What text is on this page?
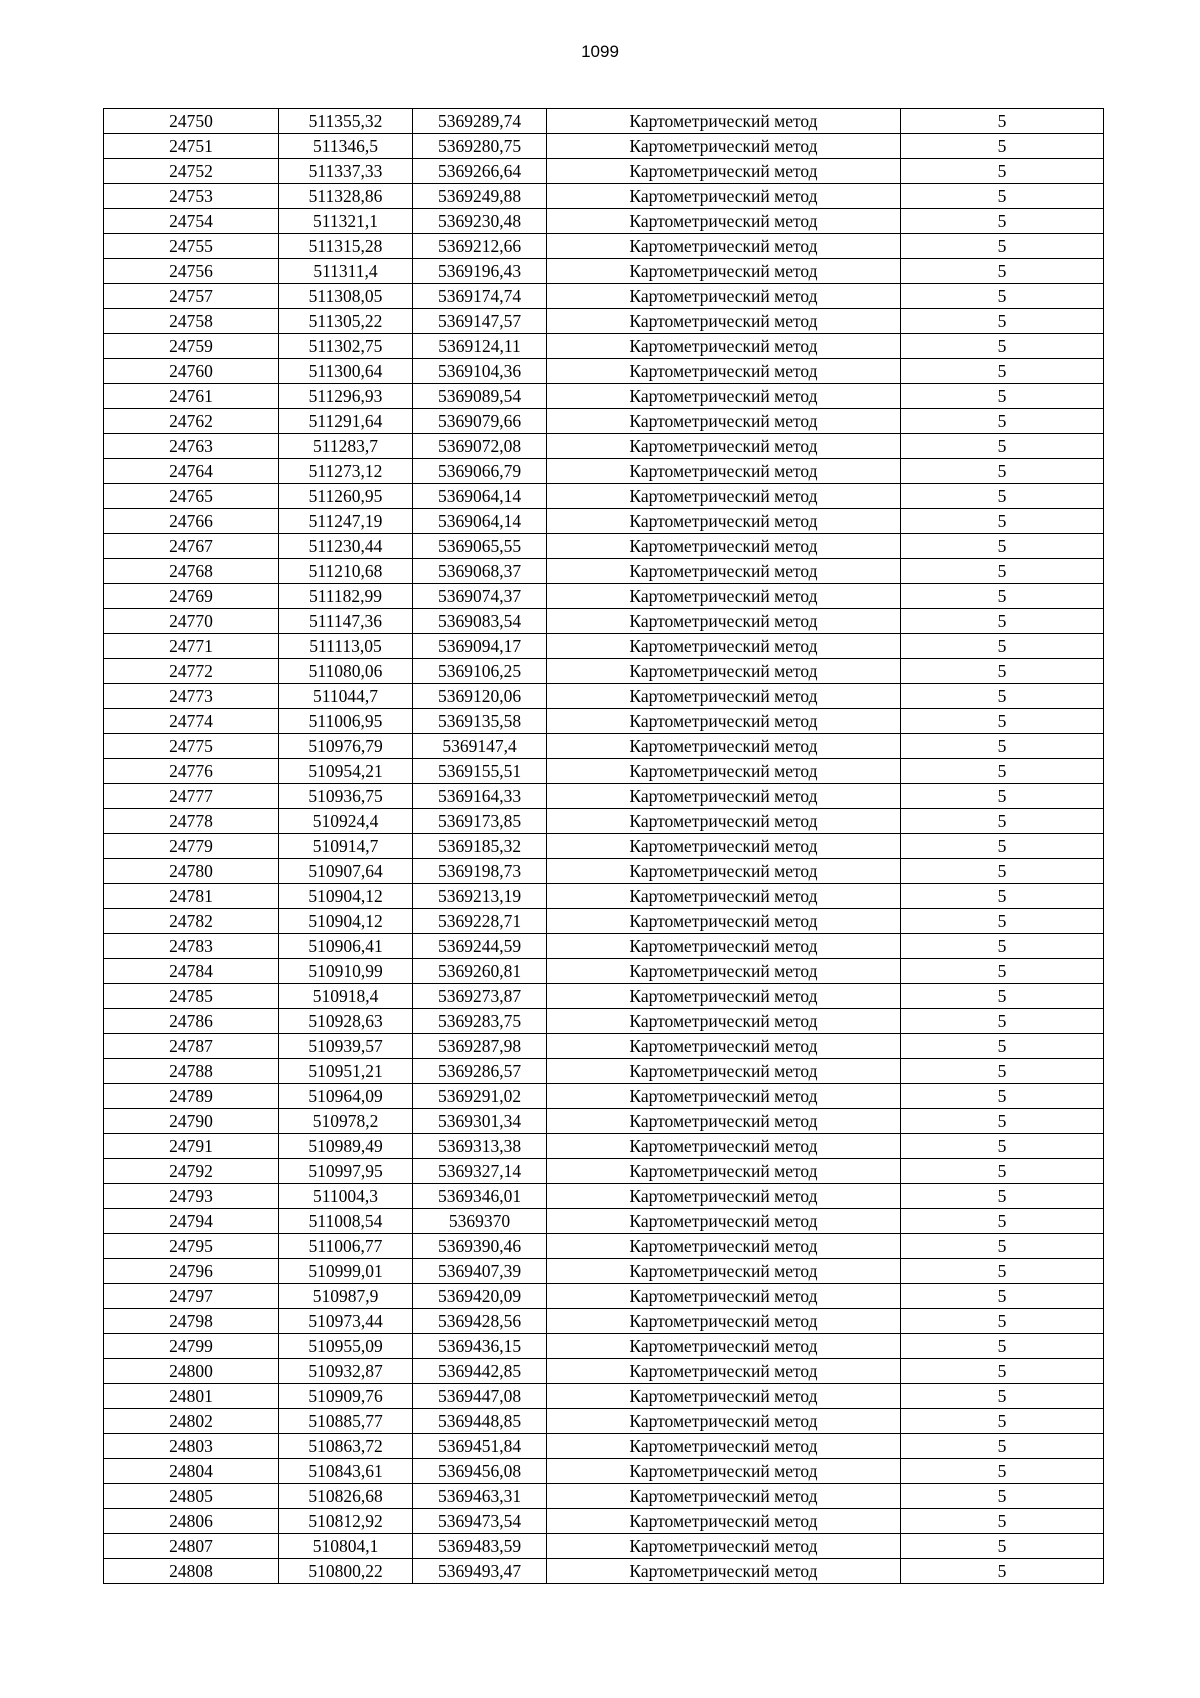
1099
24750	511355,32	5369289,74	Картометрический метод	5
24751	511346,5	5369280,75	Картометрический метод	5
24752	511337,33	5369266,64	Картометрический метод	5
24753	511328,86	5369249,88	Картометрический метод	5
24754	511321,1	5369230,48	Картометрический метод	5
24755	511315,28	5369212,66	Картометрический метод	5
24756	511311,4	5369196,43	Картометрический метод	5
24757	511308,05	5369174,74	Картометрический метод	5
24758	511305,22	5369147,57	Картометрический метод	5
24759	511302,75	5369124,11	Картометрический метод	5
24760	511300,64	5369104,36	Картометрический метод	5
24761	511296,93	5369089,54	Картометрический метод	5
24762	511291,64	5369079,66	Картометрический метод	5
24763	511283,7	5369072,08	Картометрический метод	5
24764	511273,12	5369066,79	Картометрический метод	5
24765	511260,95	5369064,14	Картометрический метод	5
24766	511247,19	5369064,14	Картометрический метод	5
24767	511230,44	5369065,55	Картометрический метод	5
24768	511210,68	5369068,37	Картометрический метод	5
24769	511182,99	5369074,37	Картометрический метод	5
24770	511147,36	5369083,54	Картометрический метод	5
24771	511113,05	5369094,17	Картометрический метод	5
24772	511080,06	5369106,25	Картометрический метод	5
24773	511044,7	5369120,06	Картометрический метод	5
24774	511006,95	5369135,58	Картометрический метод	5
24775	510976,79	5369147,4	Картометрический метод	5
24776	510954,21	5369155,51	Картометрический метод	5
24777	510936,75	5369164,33	Картометрический метод	5
24778	510924,4	5369173,85	Картометрический метод	5
24779	510914,7	5369185,32	Картометрический метод	5
24780	510907,64	5369198,73	Картометрический метод	5
24781	510904,12	5369213,19	Картометрический метод	5
24782	510904,12	5369228,71	Картометрический метод	5
24783	510906,41	5369244,59	Картометрический метод	5
24784	510910,99	5369260,81	Картометрический метод	5
24785	510918,4	5369273,87	Картометрический метод	5
24786	510928,63	5369283,75	Картометрический метод	5
24787	510939,57	5369287,98	Картометрический метод	5
24788	510951,21	5369286,57	Картометрический метод	5
24789	510964,09	5369291,02	Картометрический метод	5
24790	510978,2	5369301,34	Картометрический метод	5
24791	510989,49	5369313,38	Картометрический метод	5
24792	510997,95	5369327,14	Картометрический метод	5
24793	511004,3	5369346,01	Картометрический метод	5
24794	511008,54	5369370	Картометрический метод	5
24795	511006,77	5369390,46	Картометрический метод	5
24796	510999,01	5369407,39	Картометрический метод	5
24797	510987,9	5369420,09	Картометрический метод	5
24798	510973,44	5369428,56	Картометрический метод	5
24799	510955,09	5369436,15	Картометрический метод	5
24800	510932,87	5369442,85	Картометрический метод	5
24801	510909,76	5369447,08	Картометрический метод	5
24802	510885,77	5369448,85	Картометрический метод	5
24803	510863,72	5369451,84	Картометрический метод	5
24804	510843,61	5369456,08	Картометрический метод	5
24805	510826,68	5369463,31	Картометрический метод	5
24806	510812,92	5369473,54	Картометрический метод	5
24807	510804,1	5369483,59	Картометрический метод	5
24808	510800,22	5369493,47	Картометрический метод	5
